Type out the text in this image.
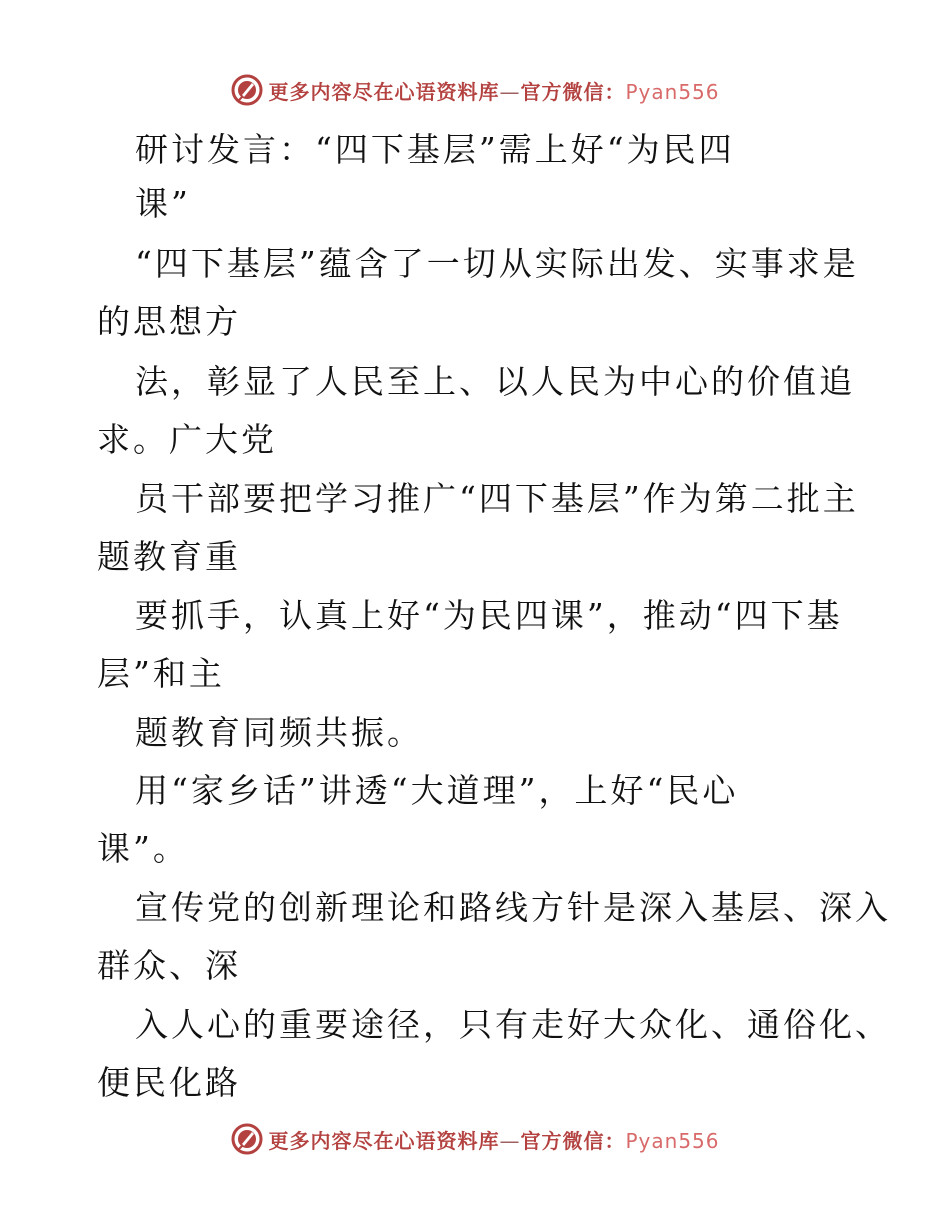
更多内容尽在心语资料库—官方微信：Pyan556
研讨发言：“四下基层”需上好“为民四
课”
“四下基层”蕴含了一切从实际出发、实事求是
的思想方
法，彰显了人民至上、以人民为中心的价值追
求。广大党
员干部要把学习推广“四下基层”作为第二批主
题教育重
要抓手，认真上好“为民四课”，推动“四下基
层”和主
题教育同频共振。
用“家乡话”讲透“大道理”，上好“民心
课”。
宣传党的创新理论和路线方针是深入基层、深入
群众、深
入人心的重要途径，只有走好大众化、通俗化、
便民化路
更多内容尽在心语资料库—官方微信：Pyan556
